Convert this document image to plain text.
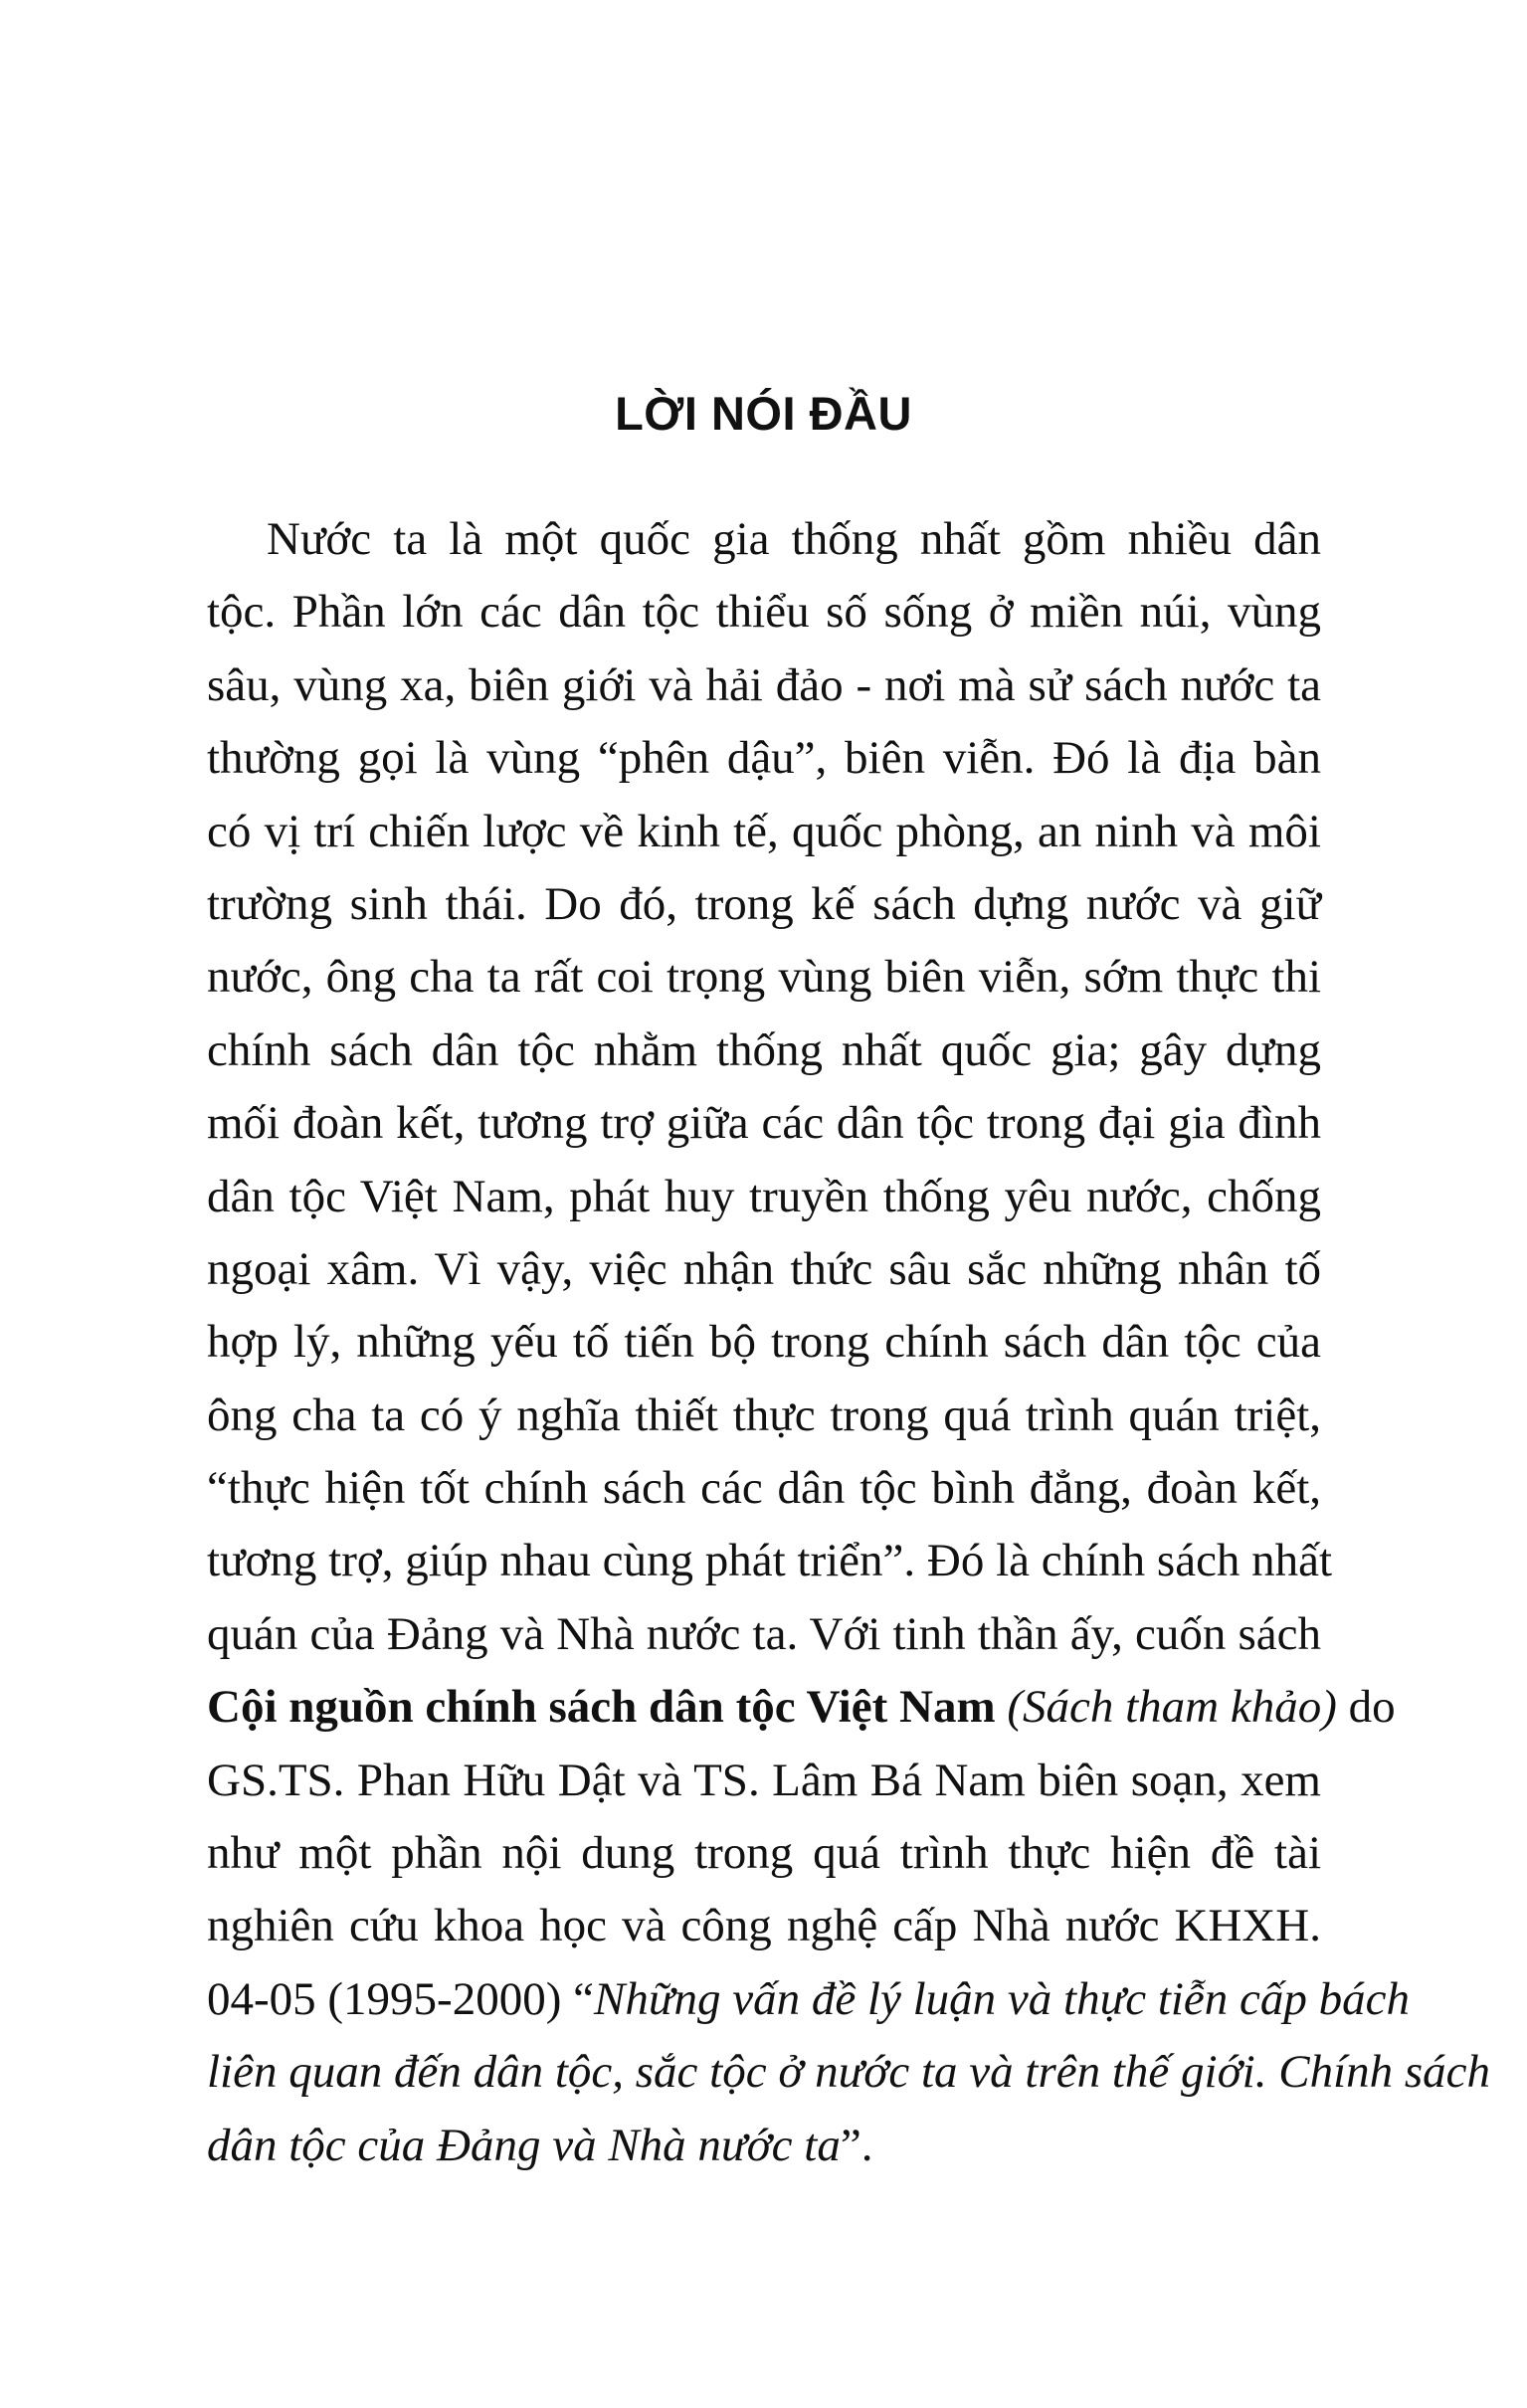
LỜI NÓI ĐẦU
Nước ta là một quốc gia thống nhất gồm nhiều dân
tộc. Phần lớn các dân tộc thiểu số sống ở miền núi, vùng
sâu, vùng xa, biên giới và hải đảo - nơi mà sử sách nước ta
thường gọi là vùng “phên dậu”, biên viễn. Đó là địa bàn
có vị trí chiến lược về kinh tế, quốc phòng, an ninh và môi
trường sinh thái. Do đó, trong kế sách dựng nước và giữ
nước, ông cha ta rất coi trọng vùng biên viễn, sớm thực thi
chính sách dân tộc nhằm thống nhất quốc gia; gây dựng
mối đoàn kết, tương trợ giữa các dân tộc trong đại gia đình
dân tộc Việt Nam, phát huy truyền thống yêu nước, chống
ngoại xâm. Vì vậy, việc nhận thức sâu sắc những nhân tố
hợp lý, những yếu tố tiến bộ trong chính sách dân tộc của
ông cha ta có ý nghĩa thiết thực trong quá trình quán triệt,
“thực hiện tốt chính sách các dân tộc bình đẳng, đoàn kết,
tương trợ, giúp nhau cùng phát triển”. Đó là chính sách nhất
quán của Đảng và Nhà nước ta. Với tinh thần ấy, cuốn sách
Cội nguồn chính sách dân tộc Việt Nam (Sách tham khảo) do
GS.TS. Phan Hữu Dật và TS. Lâm Bá Nam biên soạn, xem
như một phần nội dung trong quá trình thực hiện đề tài
nghiên cứu khoa học và công nghệ cấp Nhà nước KHXH.
04-05 (1995-2000) “Những vấn đề lý luận và thực tiễn cấp bách
liên quan đến dân tộc, sắc tộc ở nước ta và trên thế giới. Chính sách
dân tộc của Đảng và Nhà nước ta”.
